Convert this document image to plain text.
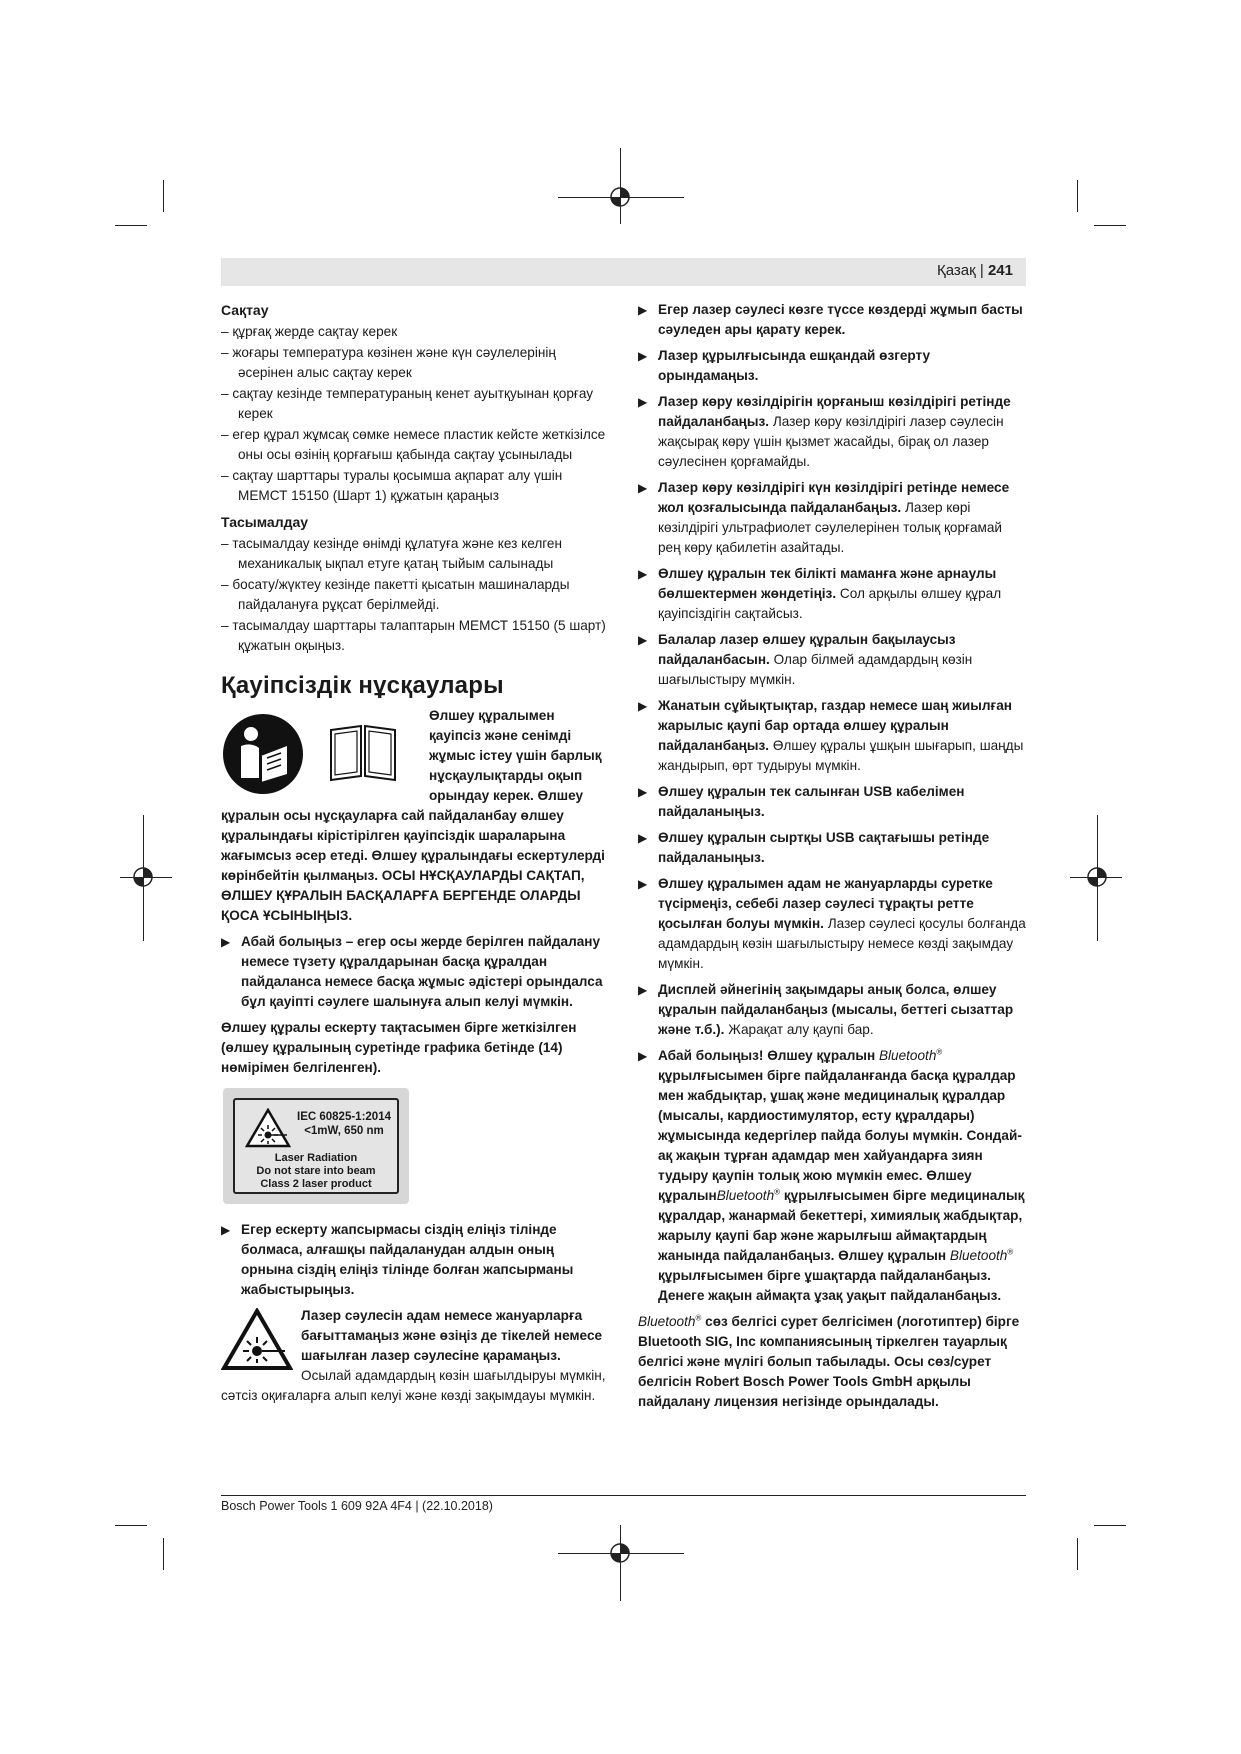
Қазақ | 241
Сақтау
– құрғақ жерде сақтау керек
– жоғары температура көзінен және күн сәулелерінің әсерінен алыс сақтау керек
– сақтау кезінде температураның кенет ауытқуынан қорғау керек
– егер құрал жұмсақ сөмке немесе пластик кейсте жеткізілсе оны осы өзінің қорғағыш қабында сақтау ұсынылады
– сақтау шарттары туралы қосымша ақпарат алу үшін МЕМСТ 15150 (Шарт 1) құжатын қараңыз
Тасымалдау
– тасымалдау кезінде өнімді құлатуға және кез келген механикалық ықпал етуге қатаң тыйым салынады
– босату/жүктеу кезінде пакетті қысатын машиналарды пайдалануға рұқсат берілмейді.
– тасымалдау шарттары талаптарын МЕМСТ 15150 (5 шарт) құжатын оқыңыз.
Қауіпсіздік нұсқаулары

Өлшеу құралымен қауіпсіз және сенімді жұмыс істеу үшін барлық нұсқаулықтарды оқып орындау керек. Өлшеу құралын осы нұсқауларға сай пайдаланбау өлшеу құралындағы кірістірілген қауіпсіздік шараларына жағымсыз әсер етеді. Өлшеу құралындағы ескертулерді көрінбейтін қылмаңыз. ОСЫ НҰСҚАУЛАРДЫ САҚТАП, ӨЛШЕУ ҚҰРАЛЫН БАСҚАЛАРҒА БЕРГЕНДЕ ОЛАРДЫ ҚОСА ҰСЫНЫҢЫЗ.

▶ Абай болыңыз – егер осы жерде берілген пайдалану немесе түзету құралдарынан басқа құралдан пайдаланса немесе басқа жұмыс әдістері орындалса бұл қауіпті сәулеге шалынуға алып келуі мүмкін.

Өлшеу құралы ескерту тақтасымен бірге жеткізілген (өлшеу құралының суретінде графика бетінде (14) нөмірімен белгіленген).

IEC 60825-1:2014
<1mW, 650 nm
Laser Radiation
Do not stare into beam
Class 2 laser product
▶ Егер ескерту жапсырмасы сіздің еліңіз тілінде болмаса, алғашқы пайдаланудан алдын оның орнына сіздің еліңіз тілінде болған жапсырманы жабыстырыңыз.
Лазер сәулесін адам немесе жануарларға бағыттамаңыз және өзіңіз де тікелей немесе шағылған лазер сәулесіне қарамаңыз. Осылай адамдардың көзін шағылдыруы мүмкін, сәтсіз оқиғаларға алып келуі және көзді зақымдауы мүмкін.
▶ Егер лазер сәулесі көзге түссе көздерді жұмып басты сәуледен ары қарату керек.
▶ Лазер құрылғысында ешқандай өзгерту орындамаңыз.
▶ Лазер көру көзілдірігін қорғаныш көзілдірігі ретінде пайдаланбаңыз. Лазер көру көзілдірігі лазер сәулесін жақсырақ көру үшін қызмет жасайды, бірақ ол лазер сәулесінен қорғамайды.
▶ Лазер көру көзілдірігі күн көзілдірігі ретінде немесе жол қозғалысында пайдаланбаңыз. Лазер көрі көзілдірігі ультрафиолет сәулелерінен толық қорғамай рең көру қабилетін азайтады.
▶ Өлшеу құралын тек білікті маманға және арнаулы бөлшектермен жөндетіңіз. Сол арқылы өлшеу құрал қауіпсіздігін сақтайсыз.
▶ Балалар лазер өлшеу құралын бақылаусыз пайдаланбасын. Олар білмей адамдардың көзін шағылыстыру мүмкін.
▶ Жанатын сұйықтықтар, газдар немесе шаң жиылған жарылыс қаупі бар ортада өлшеу құралын пайдаланбаңыз. Өлшеу құралы ұшқын шығарып, шаңды жандырып, өрт тудыруы мүмкін.
▶ Өлшеу құралын тек салынған USB кабелімен пайдаланыңыз.
▶ Өлшеу құралын сыртқы USB сақтағышы ретінде пайдаланыңыз.
▶ Өлшеу құралымен адам не жануарларды суретке түсірмеңіз, себебі лазер сәулесі тұрақты ретте қосылған болуы мүмкін. Лазер сәулесі қосулы болғанда адамдардың көзін шағылыстыру немесе көзді зақымдау мүмкін.
▶ Дисплей әйнегінің зақымдары анық болса, өлшеу құралын пайдаланбаңыз (мысалы, беттегі сызаттар және т.б.). Жарақат алу қаупі бар.
▶ Абай болыңыз! Өлшеу құралын Bluetooth® құрылғысымен бірге пайдаланғанда басқа құралдар мен жабдықтар, ұшақ және медициналық құралдар (мысалы, кардиостимулятор, есту құралдары) жұмысында кедергілер пайда болуы мүмкін. Сондай-ақ жақын тұрған адамдар мен хайуандарға зиян тудыру қаупін толық жою мүмкін емес. Өлшеу құралынBluetooth® құрылғысымен бірге медициналық құралдар, жанармай бекеттері, химиялық жабдықтар, жарылу қаупі бар және жарылғыш аймақтардың жанында пайдаланбаңыз. Өлшеу құралын Bluetooth® құрылғысымен бірге ұшақтарда пайдаланбаңыз. Денеге жақын аймақта ұзақ уақыт пайдаланбаңыз.

Bluetooth® сөз белгісі сурет белгісімен (логотиптер) бірге Bluetooth SIG, Inc компаниясының тіркелген тауарлық белгісі және мүлігі болып табылады. Осы сөз/сурет белгісін Robert Bosch Power Tools GmbH арқылы пайдалану лицензия негізінде орындалады.

Bosch Power Tools 1 609 92A 4F4 | (22.10.2018)
